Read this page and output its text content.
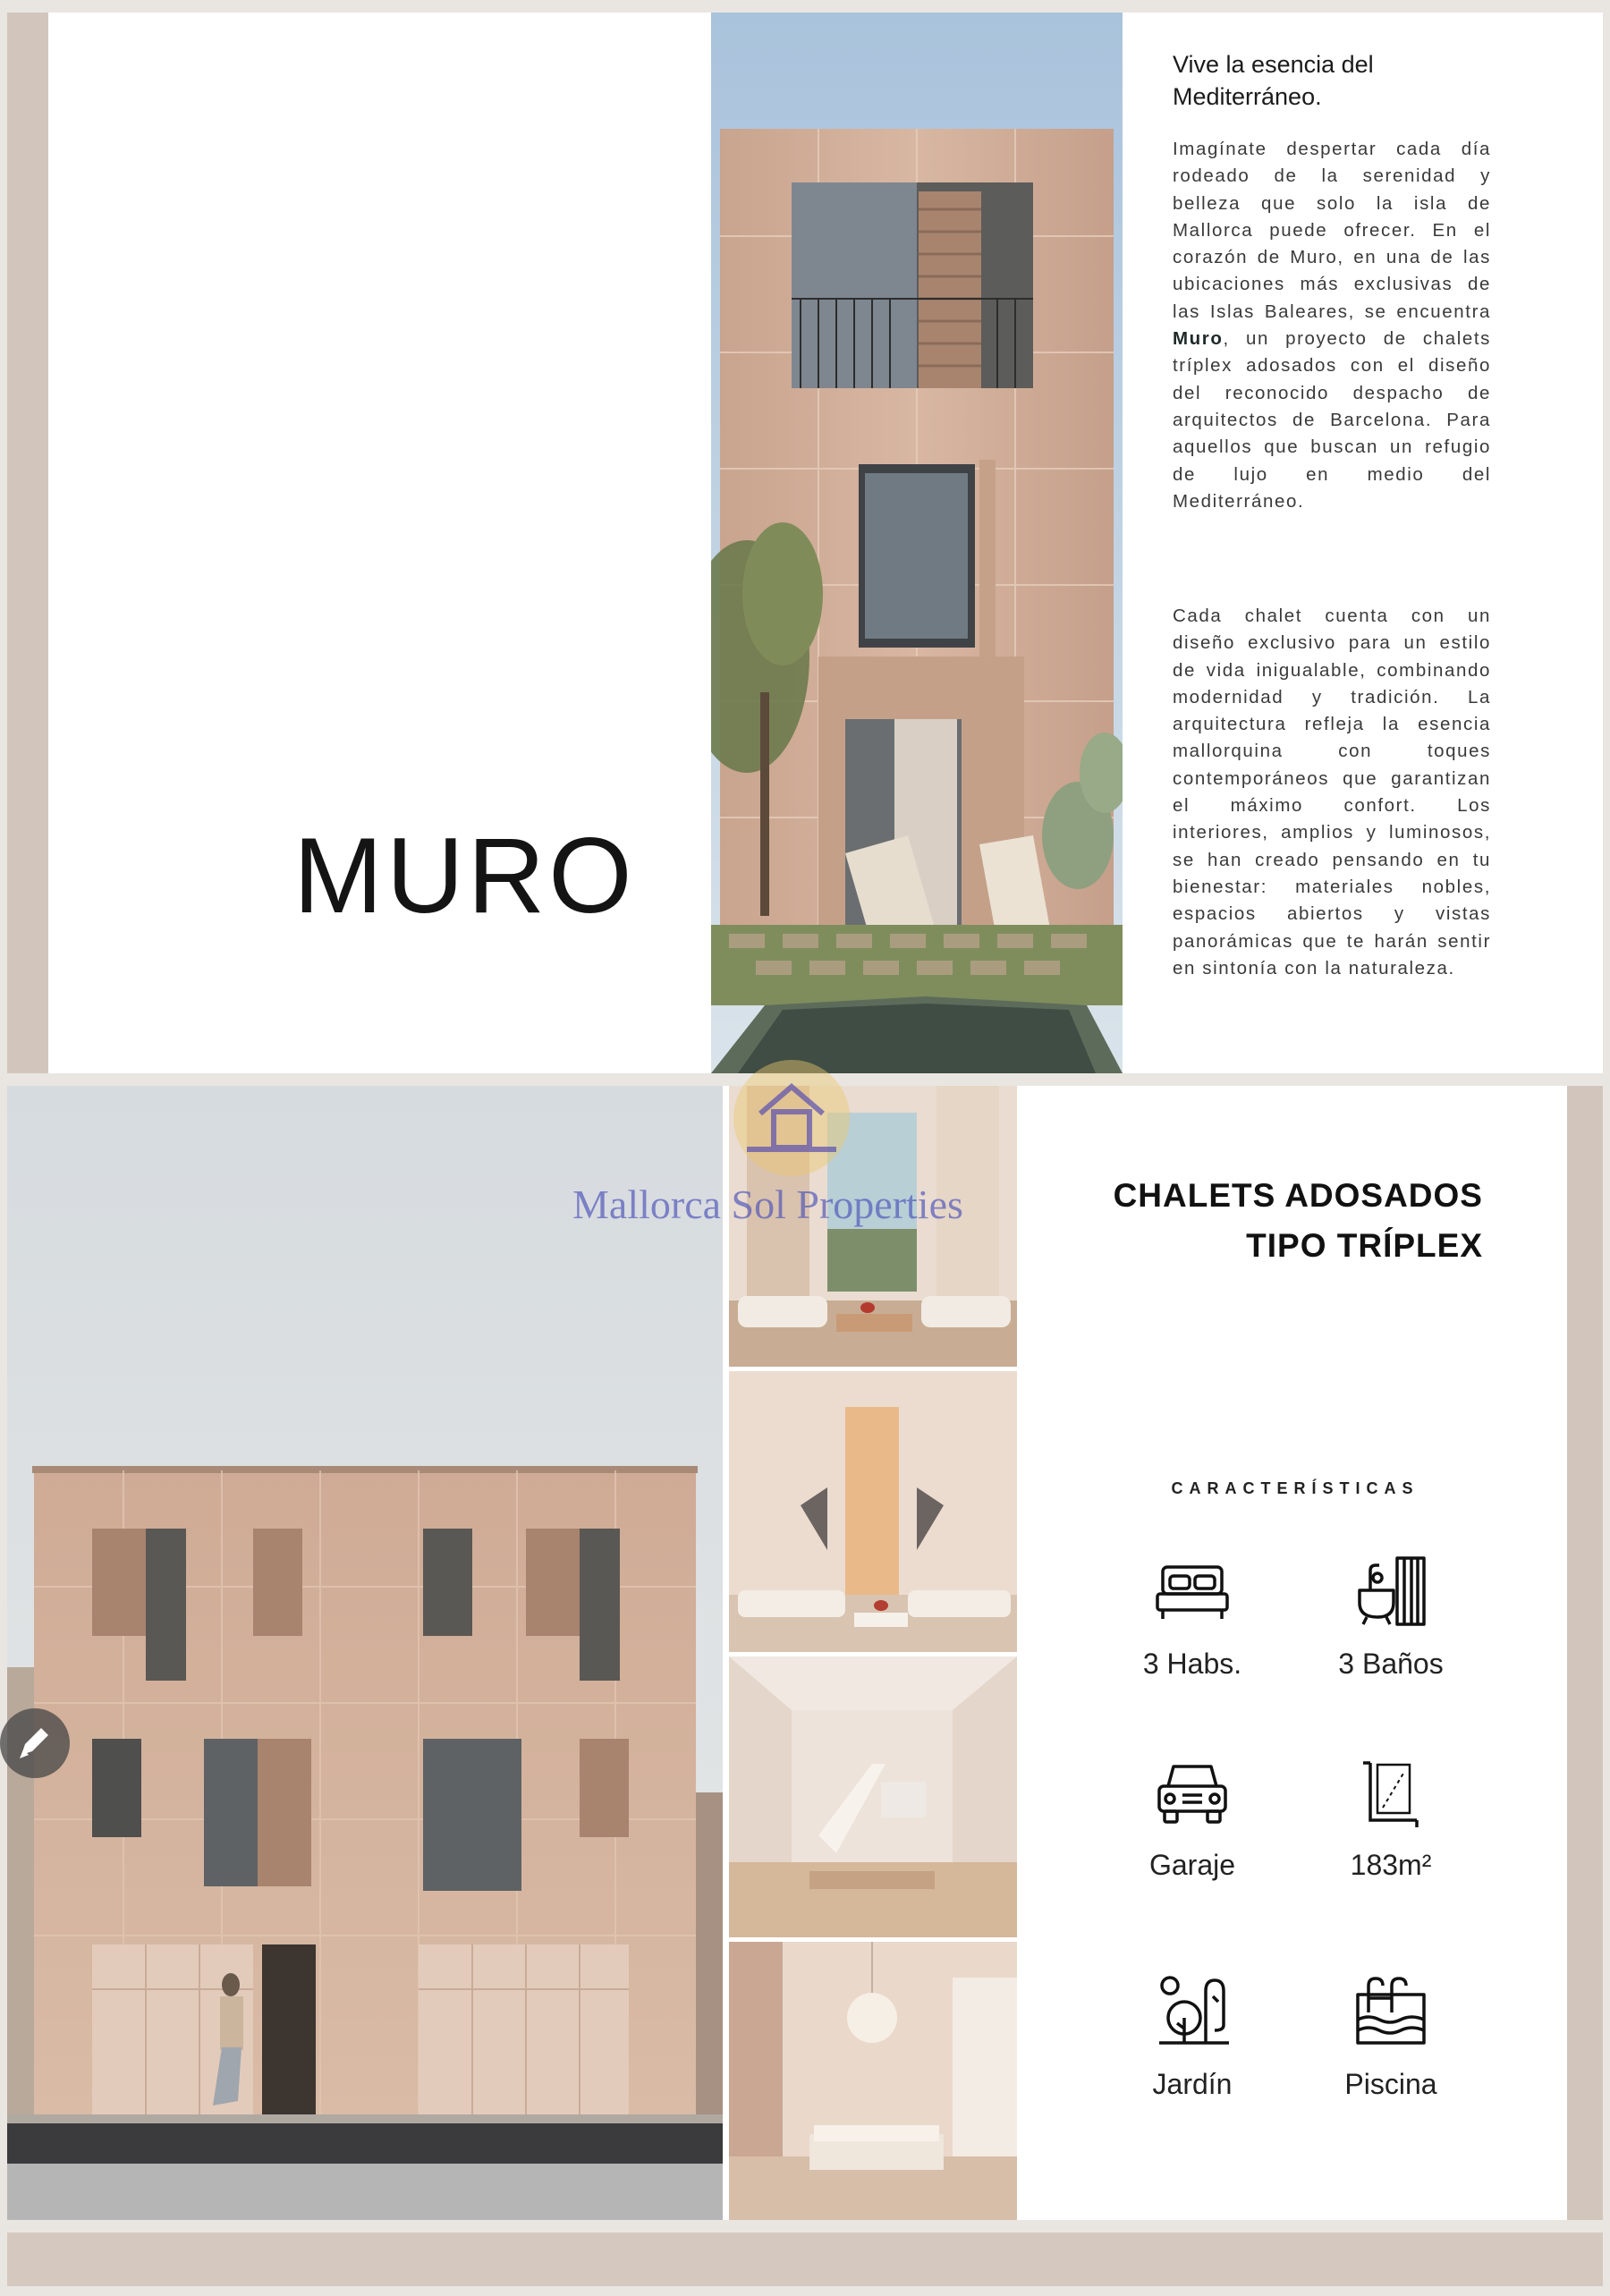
MURO
Vive la esencia del Mediterráneo.
Imagínate despertar cada día rodeado de la serenidad y belleza que solo la isla de Mallorca puede ofrecer. En el corazón de Muro, en una de las ubicaciones más exclusivas de las Islas Baleares, se encuentra Muro, un proyecto de chalets tríplex adosados con el diseño del reconocido despacho de arquitectos de Barcelona. Para aquellos que buscan un refugio de lujo en medio del Mediterráneo.
Cada chalet cuenta con un diseño exclusivo para un estilo de vida inigualable, combinando modernidad y tradición. La arquitectura refleja la esencia mallorquina con toques contemporáneos que garantizan el máximo confort. Los interiores, amplios y luminosos, se han creado pensando en tu bienestar: materiales nobles, espacios abiertos y vistas panorámicas que te harán sentir en sintonía con la naturaleza.
CHALETS ADOSADOS
TIPO TRÍPLEX
CARACTERÍSTICAS
3 Habs.	3 Baños
Garaje	183m²
Jardín	Piscina
Mallorca Sol Properties
